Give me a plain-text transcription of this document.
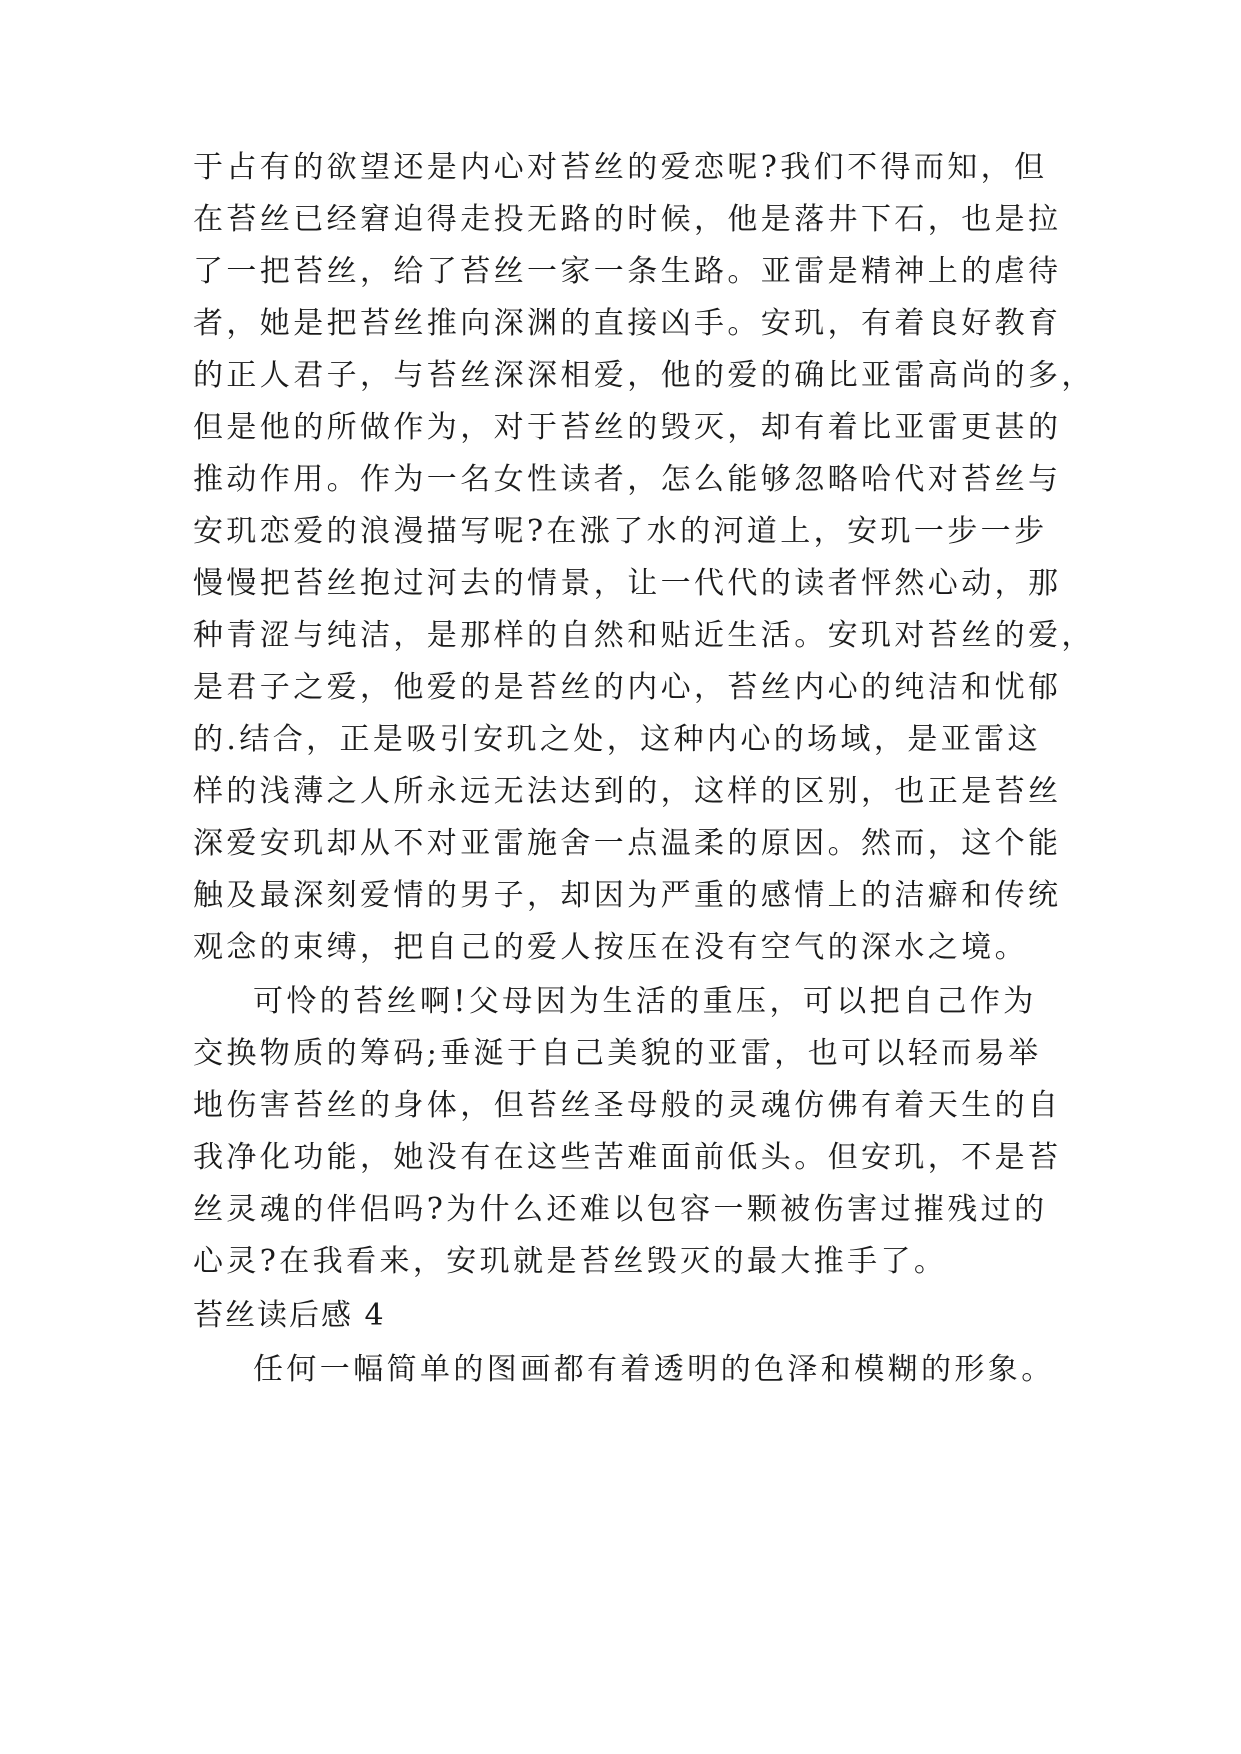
于占有的欲望还是内心对苔丝的爱恋呢?我们不得而知，但
在苔丝已经窘迫得走投无路的时候，他是落井下石，也是拉
了一把苔丝，给了苔丝一家一条生路。亚雷是精神上的虐待
者，她是把苔丝推向深渊的直接凶手。安玑，有着良好教育
的正人君子，与苔丝深深相爱，他的爱的确比亚雷高尚的多，
但是他的所做作为，对于苔丝的毁灭，却有着比亚雷更甚的
推动作用。作为一名女性读者，怎么能够忽略哈代对苔丝与
安玑恋爱的浪漫描写呢?在涨了水的河道上，安玑一步一步
慢慢把苔丝抱过河去的情景，让一代代的读者怦然心动，那
种青涩与纯洁，是那样的自然和贴近生活。安玑对苔丝的爱，
是君子之爱，他爱的是苔丝的内心，苔丝内心的纯洁和忧郁
的.结合，正是吸引安玑之处，这种内心的场域，是亚雷这
样的浅薄之人所永远无法达到的，这样的区别，也正是苔丝
深爱安玑却从不对亚雷施舍一点温柔的原因。然而，这个能
触及最深刻爱情的男子，却因为严重的感情上的洁癖和传统
观念的束缚，把自己的爱人按压在没有空气的深水之境。
可怜的苔丝啊!父母因为生活的重压，可以把自己作为
交换物质的筹码;垂涎于自己美貌的亚雷，也可以轻而易举
地伤害苔丝的身体，但苔丝圣母般的灵魂仿佛有着天生的自
我净化功能，她没有在这些苦难面前低头。但安玑，不是苔
丝灵魂的伴侣吗?为什么还难以包容一颗被伤害过摧残过的
心灵?在我看来，安玑就是苔丝毁灭的最大推手了。
苔丝读后感 4
任何一幅简单的图画都有着透明的色泽和模糊的形象。
